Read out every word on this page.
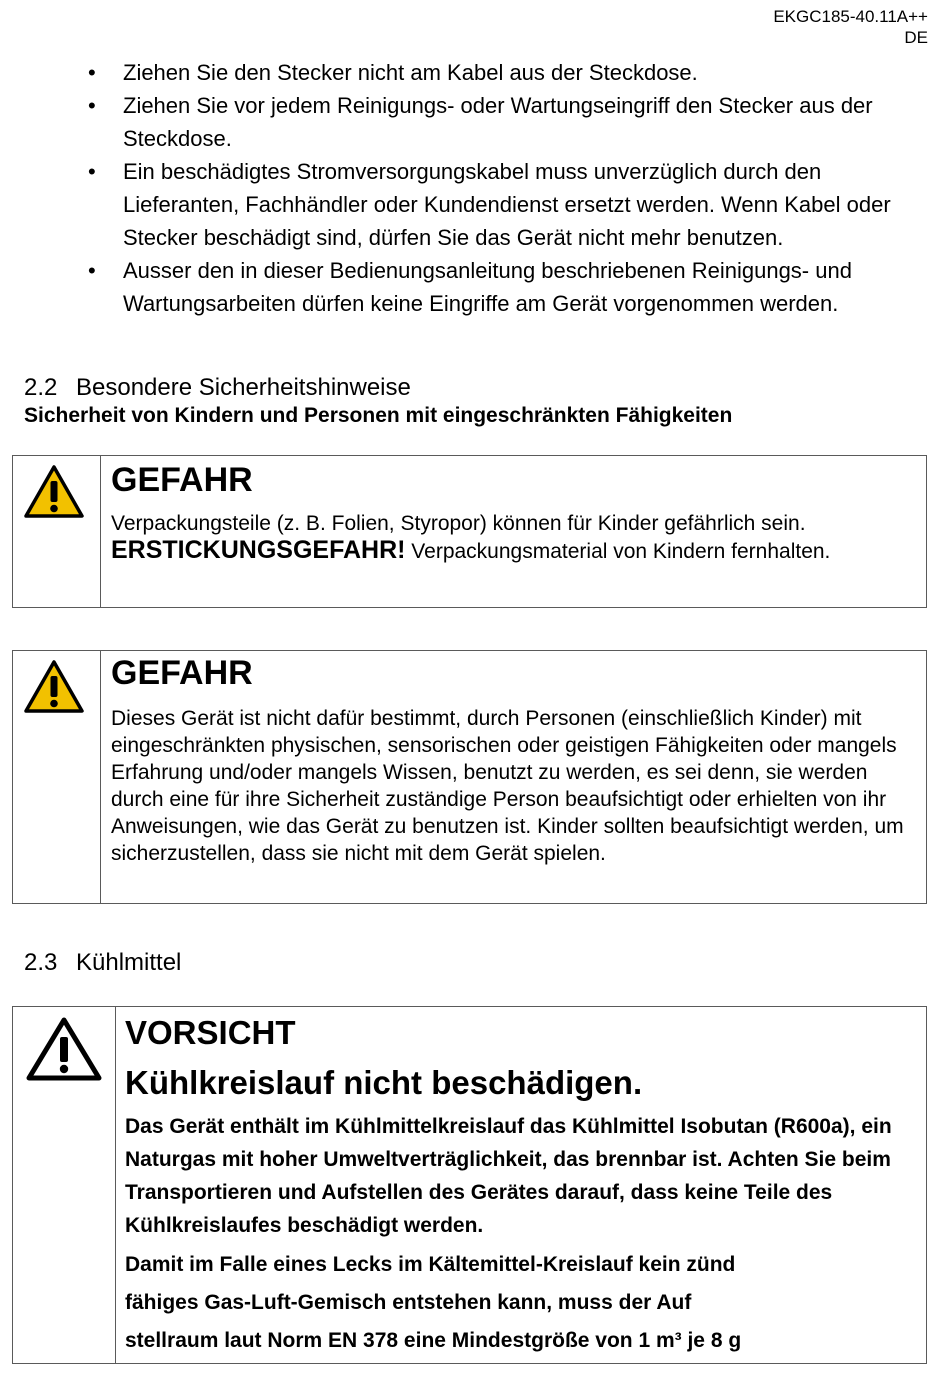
EKGC185-40.11A++
DE
• Ziehen Sie den Stecker nicht am Kabel aus der Steckdose.
• Ziehen Sie vor jedem Reinigungs- oder Wartungseingriff den Stecker aus der Steckdose.
• Ein beschädigtes Stromversorgungskabel muss unverzüglich durch den Lieferanten, Fachhändler oder Kundendienst ersetzt werden. Wenn Kabel oder Stecker beschädigt sind, dürfen Sie das Gerät nicht mehr benutzen.
• Ausser den in dieser Bedienungsanleitung beschriebenen Reinigungs- und Wartungsarbeiten dürfen keine Eingriffe am Gerät vorgenommen werden.
2.2 Besondere Sicherheitshinweise
Sicherheit von Kindern und Personen mit eingeschränkten Fähigkeiten
GEFAHR
Verpackungsteile (z. B. Folien, Styropor) können für Kinder gefährlich sein.
ERSTICKUNGSGEFAHR! Verpackungsmaterial von Kindern fernhalten.
GEFAHR
Dieses Gerät ist nicht dafür bestimmt, durch Personen (einschließlich Kinder) mit eingeschränkten physischen, sensorischen oder geistigen Fähigkeiten oder mangels Erfahrung und/oder mangels Wissen, benutzt zu werden, es sei denn, sie werden durch eine für ihre Sicherheit zuständige Person beaufsichtigt oder erhielten von ihr Anweisungen, wie das Gerät zu benutzen ist. Kinder sollten beaufsichtigt werden, um sicherzustellen, dass sie nicht mit dem Gerät spielen.
2.3 Kühlmittel
VORSICHT
Kühlkreislauf nicht beschädigen.
Das Gerät enthält im Kühlmittelkreislauf das Kühlmittel Isobutan (R600a), ein Naturgas mit hoher Umweltverträglichkeit, das brennbar ist. Achten Sie beim Transportieren und Aufstellen des Gerätes darauf, dass keine Teile des Kühlkreislaufes beschädigt werden.
Damit im Falle eines Lecks im Kältemittel-Kreislauf kein zünd
fähiges Gas-Luft-Gemisch entstehen kann, muss der Auf
stellraum laut Norm EN 378 eine Mindestgröße von 1 m³ je 8 g
